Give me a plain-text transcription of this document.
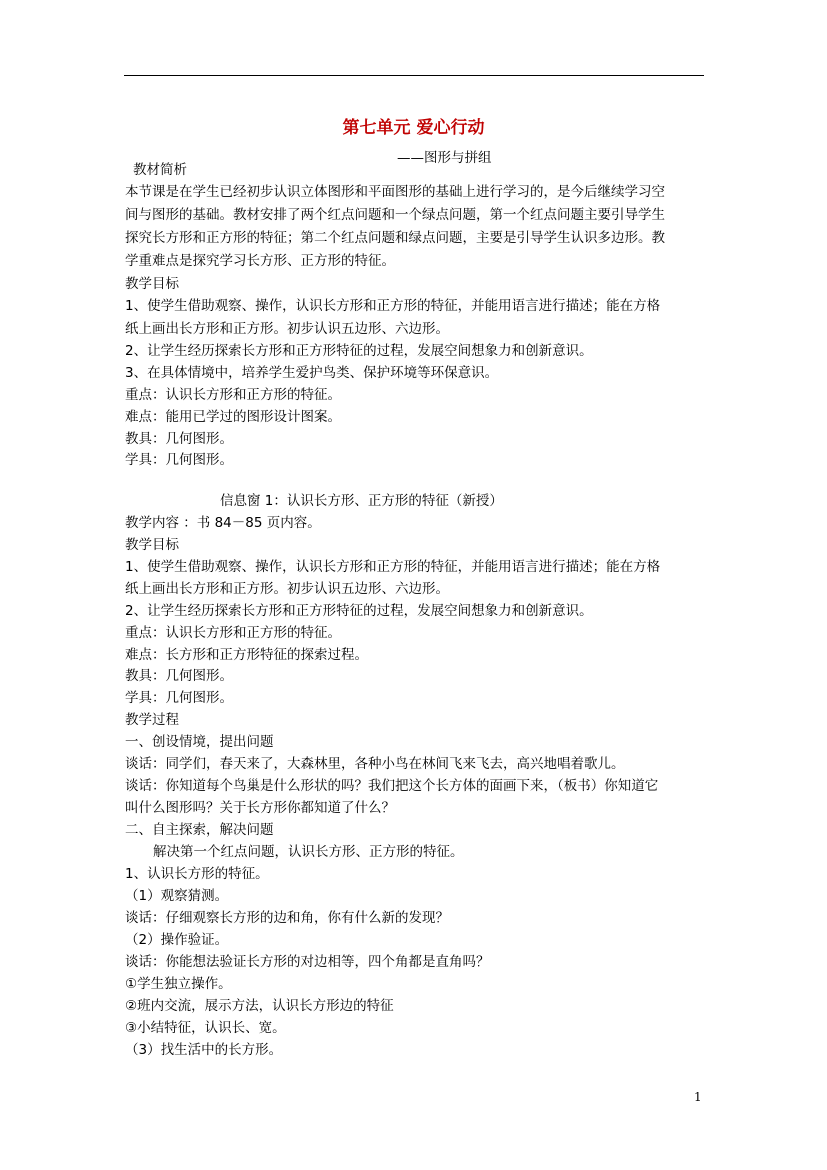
第七单元 爱心行动
——图形与拼组
教材简析
本节课是在学生已经初步认识立体图形和平面图形的基础上进行学习的，是今后继续学习空
间与图形的基础。教材安排了两个红点问题和一个绿点问题，第一个红点问题主要引导学生
探究长方形和正方形的特征；第二个红点问题和绿点问题，主要是引导学生认识多边形。教
学重难点是探究学习长方形、正方形的特征。
教学目标
1、使学生借助观察、操作，认识长方形和正方形的特征，并能用语言进行描述；能在方格
纸上画出长方形和正方形。初步认识五边形、六边形。
2、让学生经历探索长方形和正方形特征的过程，发展空间想象力和创新意识。
3、在具体情境中，培养学生爱护鸟类、保护环境等环保意识。
重点：认识长方形和正方形的特征。
难点：能用已学过的图形设计图案。
教具：几何图形。
学具：几何图形。
信息窗 1：认识长方形、正方形的特征（新授）
教学内容 ：书 84－85 页内容。
教学目标
1、使学生借助观察、操作，认识长方形和正方形的特征，并能用语言进行描述；能在方格
纸上画出长方形和正方形。初步认识五边形、六边形。
2、让学生经历探索长方形和正方形特征的过程，发展空间想象力和创新意识。
重点：认识长方形和正方形的特征。
难点：长方形和正方形特征的探索过程。
教具：几何图形。
学具：几何图形。
教学过程
一、创设情境，提出问题
谈话：同学们，春天来了，大森林里，各种小鸟在林间飞来飞去，高兴地唱着歌儿。
谈话：你知道每个鸟巢是什么形状的吗？我们把这个长方体的面画下来，（板书）你知道它
叫什么图形吗？关于长方形你都知道了什么？
二、自主探索，解决问题
解决第一个红点问题，认识长方形、正方形的特征。
1、认识长方形的特征。
（1）观察猜测。
谈话：仔细观察长方形的边和角，你有什么新的发现？
（2）操作验证。
谈话：你能想法验证长方形的对边相等，四个角都是直角吗？
①学生独立操作。
②班内交流，展示方法，认识长方形边的特征
③小结特征，认识长、宽。
（3）找生活中的长方形。
1
